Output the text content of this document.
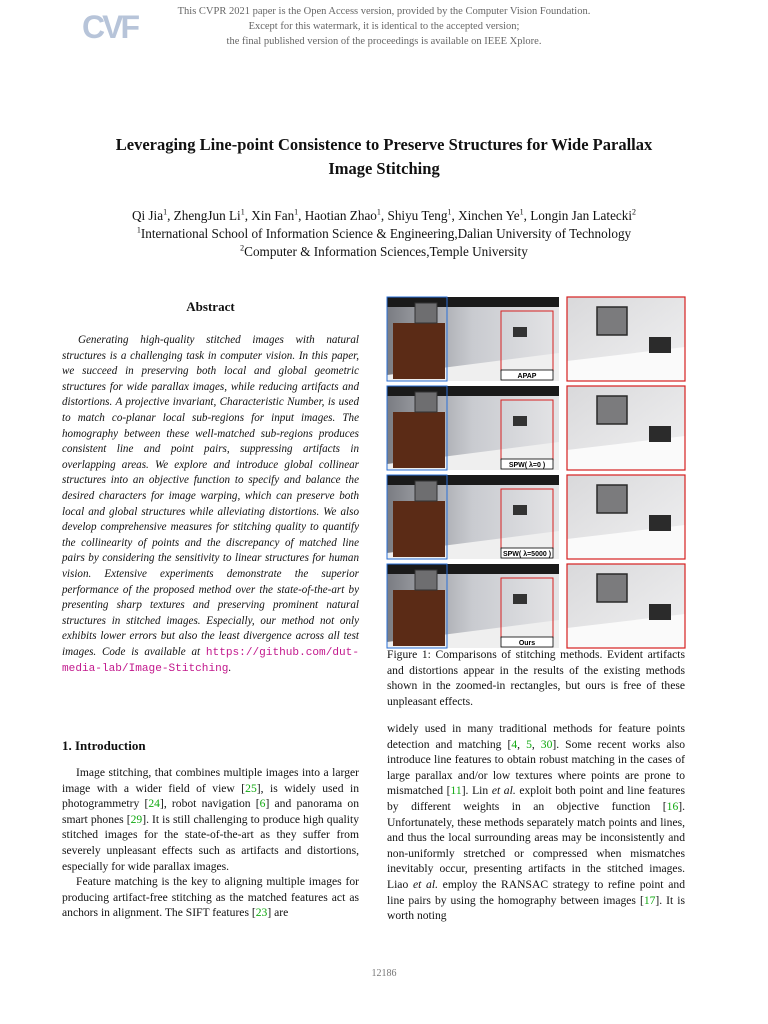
CVF	This CVPR 2021 paper is the Open Access version, provided by the Computer Vision Foundation.
Except for this watermark, it is identical to the accepted version;
the final published version of the proceedings is available on IEEE Xplore.
Leveraging Line-point Consistence to Preserve Structures for Wide Parallax
Image Stitching
Qi Jia$^1$, ZhengJun Li$^1$, Xin Fan$^1$, Haotian Zhao$^1$, Shiyu Teng$^1$, Xinchen Ye$^1$, Longin Jan Latecki$^2$
$^1$International School of Information Science & Engineering,Dalian University of Technology
$^2$Computer & Information Sciences,Temple University
Abstract

Generating high-quality stitched images with natural structures is a challenging task in computer vision. In this paper, we succeed in preserving both local and global geometric structures for wide parallax images, while reducing artifacts and distortions. A projective invariant, Characteristic Number, is used to match co-planar local sub-regions for input images. The homography between these well-matched sub-regions produces consistent line and point pairs, suppressing artifacts in overlapping areas. We explore and introduce global collinear structures into an objective function to specify and balance the desired characters for image warping, which can preserve both local and global structures while alleviating distortions. We also develop comprehensive measures for stitching quality to quantify the collinearity of points and the discrepancy of matched line pairs by considering the sensitivity to linear structures for human vision. Extensive experiments demonstrate the superior performance of the proposed method over the state-of-the-art by presenting sharp textures and preserving prominent natural structures in stitched images. Especially, our method not only exhibits lower errors but also the least divergence across all test images. Code is available at https://github.com/dut-media-lab/Image-Stitching.

1. Introduction

Image stitching, that combines multiple images into a larger image with a wider field of view [25], is widely used in photogrammetry [24], robot navigation [6] and panorama on smart phones [29]. It is still challenging to produce high quality stitched images for the state-of-the-art as they suffer from severely unpleasant effects such as artifacts and distortions, especially for wide parallax images.

Feature matching is the key to aligning multiple images for producing artifact-free stitching as the matched features act as anchors in alignment. The SIFT features [23] are

APAP
SPW( λ=0 )
SPW( λ=5000 )
Ours
Figure 1: Comparisons of stitching methods. Evident artifacts and distortions appear in the results of the existing methods shown in the zoomed-in rectangles, but ours is free of these unpleasant effects.

widely used in many traditional methods for feature points detection and matching [4, 5, 30]. Some recent works also introduce line features to obtain robust matching in the cases of large parallax and/or low textures where points are prone to mismatched [11]. Lin et al. exploit both point and line features by different weights in an objective function [16]. Unfortunately, these methods separately match points and lines, and thus the local surrounding areas may be inconsistently and non-uniformly stretched or compressed when mismatches inevitably occur, presenting artifacts in the stitched images. Liao et al. employ the RANSAC strategy to refine point and line pairs by using the homography between images [17]. It is worth noting

12186
